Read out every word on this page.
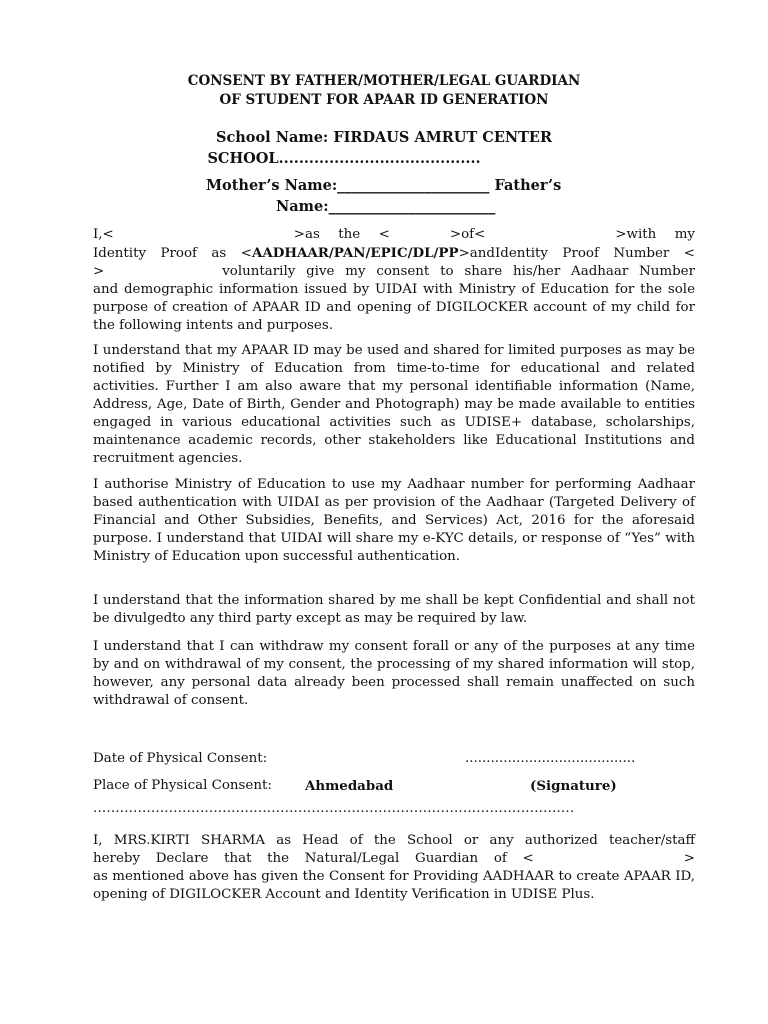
CONSENT BY FATHER/MOTHER/LEGAL GUARDIAN
OF STUDENT FOR APAAR ID GENERATION
School Name: FIRDAUS AMRUT CENTER
SCHOOL........................................
Mother’s Name:_____________________ Father’s
Name:_______________________
I,<	>as the <	>of<	>with my
Identity Proof as <AADHAAR/PAN/EPIC/DL/PP>andIdentity Proof Number <
>	voluntarily give my consent to share his/her Aadhaar Number

and demographic information issued by UIDAI with Ministry of Education for the sole purpose of creation of APAAR ID and opening of DIGILOCKER account of my child for the following intents and purposes.

I understand that my APAAR ID may be used and shared for limited purposes as may be notified by Ministry of Education from time-to-time for educational and related activities. Further I am also aware that my personal identifiable information (Name, Address, Age, Date of Birth, Gender and Photograph) may be made available to entities engaged in various educational activities such as UDISE+ database, scholarships, maintenance academic records, other stakeholders like Educational Institutions and recruitment agencies.

I authorise Ministry of Education to use my Aadhaar number for performing Aadhaar based authentication with UIDAI as per provision of the Aadhaar (Targeted Delivery of Financial and Other Subsidies, Benefits, and Services) Act, 2016 for the aforesaid purpose. I understand that UIDAI will share my e-KYC details, or response of “Yes” with Ministry of Education upon successful authentication.

I understand that the information shared by me shall be kept Confidential and shall not be divulgedto any third party except as may be required by law.

I understand that I can withdraw my consent forall or any of the purposes at any time by and on withdrawal of my consent, the processing of my shared information will stop, however, any personal data already been processed shall remain unaffected on such withdrawal of consent.

Date of Physical Consent:	........................................
Place of Physical Consent: Ahmedabad	(Signature)
............................................................................................................
I, MRS.KIRTI SHARMA as Head of the School or any authorized teacher/staff
hereby Declare that the Natural/Legal Guardian of <	>

as mentioned above has given the Consent for Providing AADHAAR to create APAAR ID, opening of DIGILOCKER Account and Identity Verification in UDISE Plus.
